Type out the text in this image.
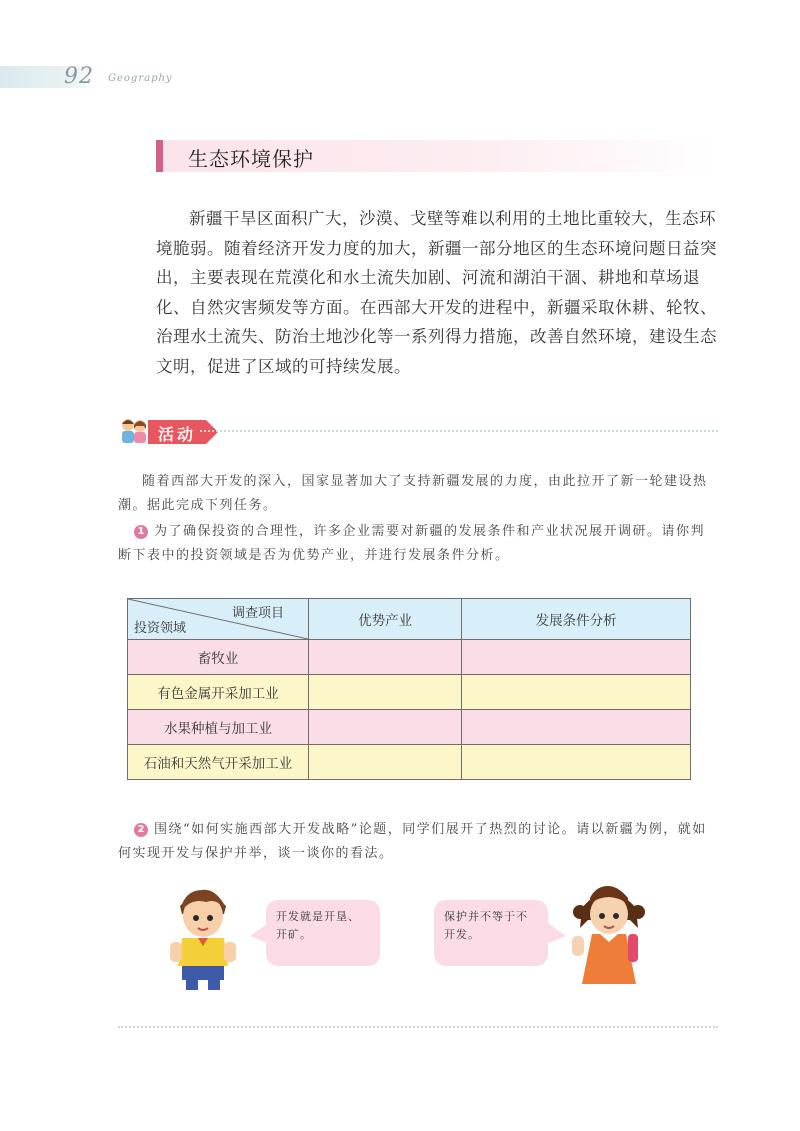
92 Geography
生态环境保护

新疆干旱区面积广大，沙漠、戈壁等难以利用的土地比重较大，生态环境脆弱。随着经济开发力度的加大，新疆一部分地区的生态环境问题日益突出，主要表现在荒漠化和水土流失加剧、河流和湖泊干涸、耕地和草场退化、自然灾害频发等方面。在西部大开发的进程中，新疆采取休耕、轮牧、治理水土流失、防治土地沙化等一系列得力措施，改善自然环境，建设生态文明，促进了区域的可持续发展。

活动

随着西部大开发的深入，国家显著加大了支持新疆发展的力度，由此拉开了新一轮建设热潮。据此完成下列任务。

1 为了确保投资的合理性，许多企业需要对新疆的发展条件和产业状况展开调研。请你判断下表中的投资领域是否为优势产业，并进行发展条件分析。

调查项目
投资领域	优势产业	发展条件分析
畜牧业		
有色金属开采加工业		
水果种植与加工业		
石油和天然气开采加工业		

2 围绕“如何实施西部大开发战略”论题，同学们展开了热烈的讨论。请以新疆为例，就如何实现开发与保护并举，谈一谈你的看法。

开发就是开垦、开矿。
保护并不等于不开发。
